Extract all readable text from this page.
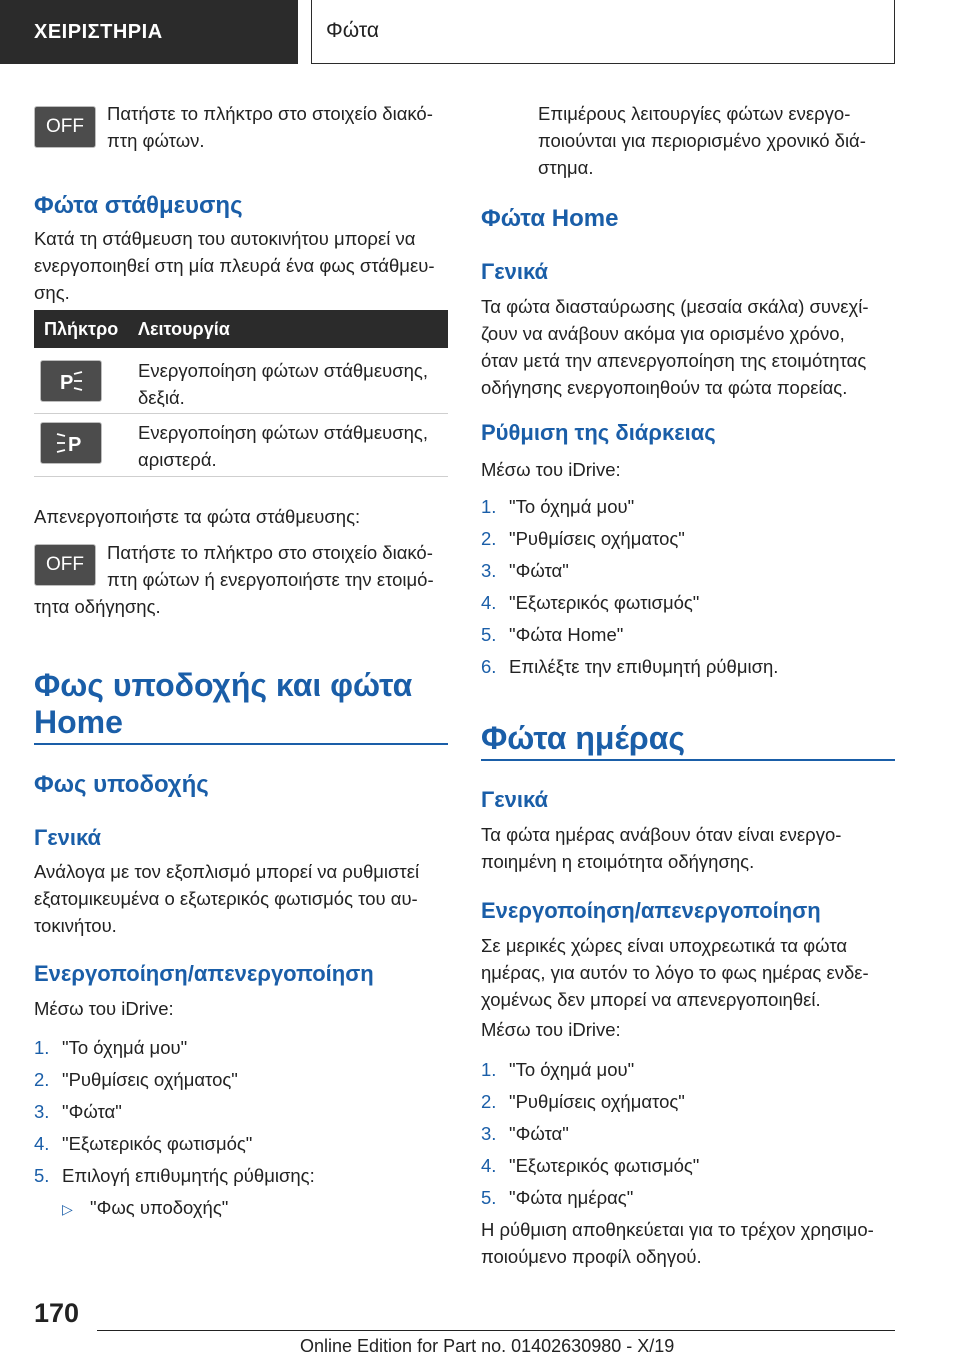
ΧΕΙΡΙΣΤΗΡΙΑ	Φώτα
OFF

Πατήστε το πλήκτρο στο στοιχείο διακό-

πτη φώτων.

Φώτα στάθμευσης

Κατά τη στάθμευση του αυτοκινήτου μπορεί να

ενεργοποιηθεί στη μία πλευρά ένα φως στάθμευ-

σης.

Πλήκτρο Λειτουργία
P

Ενεργοποίηση φώτων στάθμευσης,

δεξιά.

P

Ενεργοποίηση φώτων στάθμευσης,

αριστερά.

Απενεργοποιήστε τα φώτα στάθμευσης:

OFF

Πατήστε το πλήκτρο στο στοιχείο διακό-

πτη φώτων ή ενεργοποιήστε την ετοιμό-

τητα οδήγησης.

Φως υποδοχής και φώτα
Home
Φως υποδοχής
Γενικά

Ανάλογα με τον εξοπλισμό μπορεί να ρυθμιστεί

εξατομικευμένα ο εξωτερικός φωτισμός του αυ-

τοκινήτου.

Ενεργοποίηση/απενεργοποίηση

Μέσω του iDrive:

1. "Το όχημά μου"
2. "Ρυθμίσεις οχήματος"
3. "Φώτα"
4. "Εξωτερικός φωτισμός"
5. Επιλογή επιθυμητής ρύθμισης:
▷ "Φως υποδοχής"

Επιμέρους λειτουργίες φώτων ενεργο-

ποιούνται για περιορισμένο χρονικό διά-

στημα.

Φώτα Home
Γενικά

Τα φώτα διασταύρωσης (μεσαία σκάλα) συνεχί-

ζουν να ανάβουν ακόμα για ορισμένο χρόνο,

όταν μετά την απενεργοποίηση της ετοιμότητας

οδήγησης ενεργοποιηθούν τα φώτα πορείας.

Ρύθμιση της διάρκειας

Μέσω του iDrive:

1. "Το όχημά μου"
2. "Ρυθμίσεις οχήματος"
3. "Φώτα"
4. "Εξωτερικός φωτισμός"
5. "Φώτα Home"
6. Επιλέξτε την επιθυμητή ρύθμιση.
Φώτα ημέρας
Γενικά

Τα φώτα ημέρας ανάβουν όταν είναι ενεργο-

ποιημένη η ετοιμότητα οδήγησης.

Ενεργοποίηση/απενεργοποίηση

Σε μερικές χώρες είναι υποχρεωτικά τα φώτα

ημέρας, για αυτόν το λόγο το φως ημέρας ενδε-

χομένως δεν μπορεί να απενεργοποιηθεί.

Μέσω του iDrive:

1. "Το όχημά μου"
2. "Ρυθμίσεις οχήματος"
3. "Φώτα"
4. "Εξωτερικός φωτισμός"
5. "Φώτα ημέρας"

Η ρύθμιση αποθηκεύεται για το τρέχον χρησιμο-

ποιούμενο προφίλ οδηγού.

170
Online Edition for Part no. 01402630980 - X/19
